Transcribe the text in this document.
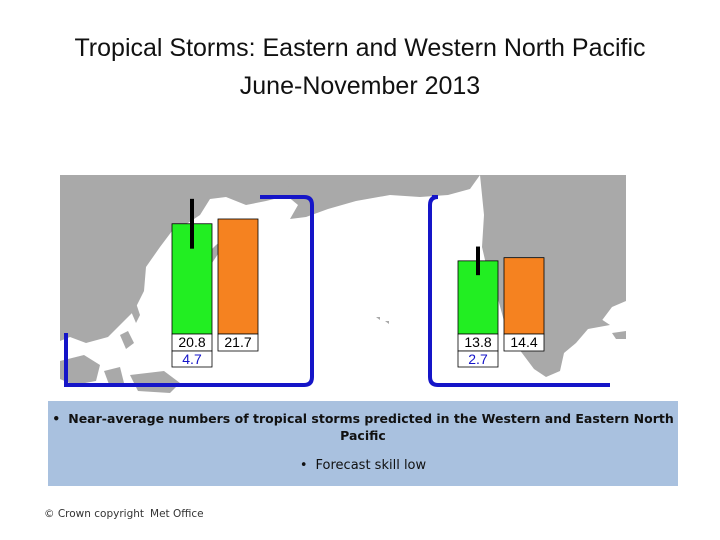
Tropical Storms: Eastern and Western North Pacific
June-November 2013
20.8
4.7
21.7	13.8
2.7
14.4
• Near-average numbers of tropical storms predicted in the Western and Eastern North Pacific
• Forecast skill low
© Crown copyright Met Office
